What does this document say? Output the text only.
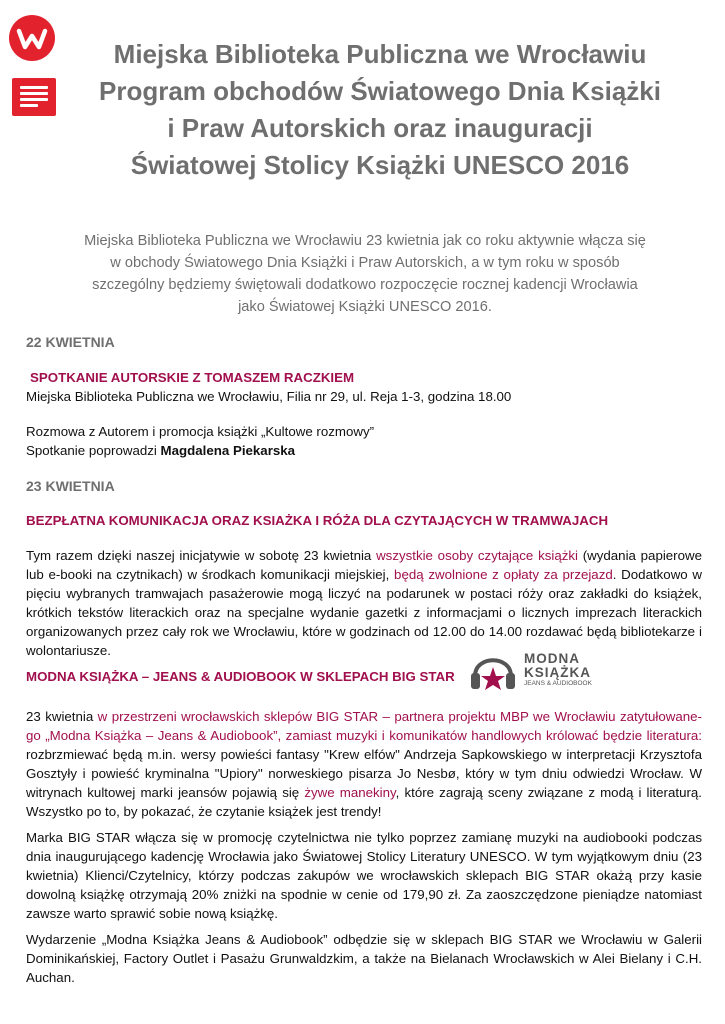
Miejska Biblioteka Publiczna we Wrocławiu
Program obchodów Światowego Dnia Książki
i Praw Autorskich oraz inauguracji
Światowej Stolicy Książki UNESCO 2016
Miejska Biblioteka Publiczna we Wrocławiu 23 kwietnia jak co roku aktywnie włącza się
w obchody Światowego Dnia Książki i Praw Autorskich, a w tym roku w sposób
szczególny będziemy świętowali dodatkowo rozpoczęcie rocznej kadencji Wrocławia
jako Światowej Książki UNESCO 2016.
22 KWIETNIA
SPOTKANIE AUTORSKIE Z TOMASZEM RACZKIEM
Miejska Biblioteka Publiczna we Wrocławiu, Filia nr 29, ul. Reja 1-3, godzina 18.00
Rozmowa z Autorem i promocja książki „Kultowe rozmowy”
Spotkanie poprowadzi Magdalena Piekarska
23 KWIETNIA
BEZPŁATNA KOMUNIKACJA ORAZ KSIAŻKA I RÓŻA DLA CZYTAJĄCYCH W TRAMWAJACH
Tym razem dzięki naszej inicjatywie w sobotę 23 kwietnia wszystkie osoby czytające książki (wydania papierowe lub e-booki na czytnikach) w środkach komunikacji miejskiej, będą zwolnione z opłaty za przejazd. Dodatkowo w pięciu wybranych tramwajach pasażerowie mogą liczyć na podarunek w postaci róży oraz zakładki do książek, krótkich tekstów literackich oraz na specjalne wydanie gazetki z informacjami o licznych imprezach literackich organizowanych przez cały rok we Wrocławiu, które w godzinach od 12.00 do 14.00 rozdawać będą bibliotekarze i wolontariusze.
MODNA KSIĄŻKA – JEANS & AUDIOBOOK W SKLEPACH BIG STAR
MODNA
KSIĄŻKA
JEANS & AUDIOBOOK
23 kwietnia w przestrzeni wrocławskich sklepów BIG STAR – partnera projektu MBP we Wrocławiu zatytułowane-go „Modna Książka – Jeans & Audiobook”, zamiast muzyki i komunikatów handlowych królować będzie literatura: rozbrzmiewać będą m.in. wersy powieści fantasy "Krew elfów" Andrzeja Sapkowskiego w interpretacji Krzysztofa Gosztyły i powieść kryminalna "Upiory" norweskiego pisarza Jo Nesbø, który w tym dniu odwiedzi Wrocław. W witrynach kultowej marki jeansów pojawią się żywe manekiny, które zagrają sceny związane z modą i literaturą. Wszystko po to, by pokazać, że czytanie książek jest trendy!
Marka BIG STAR włącza się w promocję czytelnictwa nie tylko poprzez zamianę muzyki na audiobooki podczas dnia inaugurującego kadencję Wrocławia jako Światowej Stolicy Literatury UNESCO. W tym wyjątkowym dniu (23 kwietnia) Klienci/Czytelnicy, którzy podczas zakupów we wrocławskich sklepach BIG STAR okażą przy kasie dowolną książkę otrzymają 20% zniżki na spodnie w cenie od 179,90 zł. Za zaoszczędzone pieniądze natomiast zawsze warto sprawić sobie nową książkę.
Wydarzenie „Modna Książka Jeans & Audiobook” odbędzie się w sklepach BIG STAR we Wrocławiu w Galerii Dominikańskiej, Factory Outlet i Pasażu Grunwaldzkim, a także na Bielanach Wrocławskich w Alei Bielany i C.H. Auchan.
